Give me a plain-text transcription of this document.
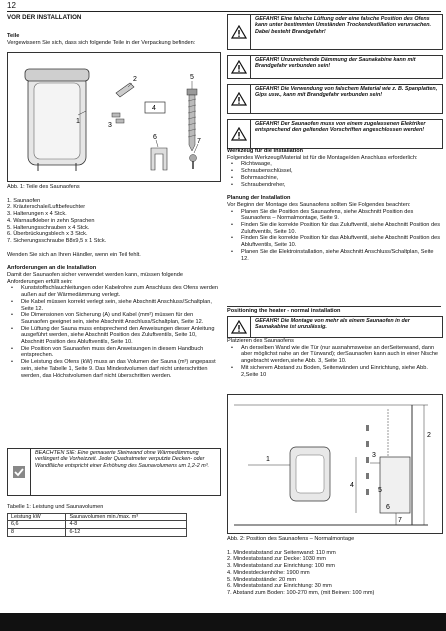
12
VOR DER INSTALLATION

Teile

Vergewissern Sie sich, dass sich folgende Teile in der Verpackung befinden:

1
2
3
4
5
6
7

Abb. 1: Teile des Saunaofens

1. Saunaofen
2. Kräuterschale/Luftbefeuchter
3. Halterungen x 4 Stck.
4. Warnaufkleber in zehn Sprachen
5. Halterungsschrauben x 4 Stck.
6. Überbrückungsblech x 3 Stck.
7. Sicherungsschraube B8x9,5 x 1 Stck.

Wenden Sie sich an Ihren Händler, wenn ein Teil fehlt.

Anforderungen an die Installation

Damit der Saunaofen sicher verwendet werden kann, müssen folgende Anforderungen erfüllt sein:

• Kunststoffschlauchleitungen oder Kabelrohre zum Anschluss des Ofens werden außen auf der Wärmedämmung verlegt.
• Die Kabel müssen korrekt verlegt sein, siehe Abschnitt Anschluss/Schaltplan, Seite 12.
• Die Dimensionen von Sicherung (A) und Kabel (mm²) müssen für den Saunaofen geeignet sein, siehe Abschnitt Anschluss/Schaltplan, Seite 12.
• Die Lüftung der Sauna muss entsprechend den Anweisungen dieser Anleitung ausgeführt werden, siehe Abschnitt Position des Zuluftventils, Seite 10, Abschnitt Position des Abluftventils, Seite 10.
• Die Position von Saunaofen muss den Anweisungen in diesem Handbuch entsprechen.
• Die Leistung des Ofens (kW) muss an das Volumen der Sauna (m³) angepasst sein, siehe Tabelle 1, Seite 9. Das Mindestvolumen darf nicht unterschritten werden, das Höchstvolumen darf nicht überschritten werden.
BEACHTEN SIE: Eine gemauerte Steinwand ohne Wärmedämmung verlängert die Vorheizzeit. Jeder Quadratmeter verputzte Decken- oder Wandfläche entspricht einer Erhöhung des Saunavolumens um 1,2-2 m³.

Tabelle 1: Leistung und Saunavolumen

Leistung kW	Saunavolumen min./max. m³
6,6	4-8
8	6-12
GEFAHR! Eine falsche Lüftung oder eine falsche Position des Ofens kann unter bestimmten Umständen Trockendestillation verursachen. Dabei besteht Brandgefahr!
GEFAHR! Unzureichende Dämmung der Saunakabine kann mit Brandgefahr verbunden sein!
GEFAHR! Die Verwendung von falschem Material wie z. B. Spanplatten, Gips usw., kann mit Brandgefahr verbunden sein!
GEFAHR! Der Saunaofen muss von einem zugelassenen Elektriker entsprechend den geltenden Vorschriften angeschlossen werden!

Werkzeug für die Installation

Folgendes Werkzeug/Material ist für die Montage/den Anschluss erforderlich:

• Richtwaage,
• Schraubenschlüssel,
• Bohrmaschine,
• Schraubendreher,

Planung der Installation

Vor Beginn der Montage des Saunaofens sollten Sie Folgendes beachten:

• Planen Sie die Position des Saunaofens, siehe Abschnitt Position des Saunaofens – Normalmontage, Seite 9.
• Finden Sie die korrekte Position für das Zuluftventil, siehe Abschnitt Position des Zuluftventils, Seite 10.
• Finden Sie die korrekte Position für das Abluftventil, siehe Abschnitt Position des Abluftventils, Seite 10.
• Planen Sie die Elektroinstallation, siehe Abschnitt Anschluss/Schaltplan, Seite 12.

Positioning the heater - normal installation

GEFAHR! Die Montage von mehr als einem Saunaofen in der Saunakabine ist unzulässig.

Platzieren des Saunaofens

• An derselben Wand wie die Tür (nur ausnahmsweise an derSeitenwand, dann aber möglichst nahe an der Türwand); derSaunaofen kann auch in einer Nische angebracht werden,siehe Abb. 3, Seite 10.
• Mit sicherem Abstand zu Boden, Seitenwänden und Einrichtung, siehe Abb. 2,Seite 10
1
2
3
4
5
6
7

Abb. 2: Position des Saunaofens – Normalmontage

1. Mindestabstand zur Seitenwand: 110 mm
2. Mindestabstand zur Decke: 1030 mm
3. Mindestabstand zur Einrichtung: 100 mm
4. Mindestdeckenhöhe: 1900 mm
5. Mindestabstände: 20 mm
6. Mindestabstand zur Einrichtung: 30 mm
7. Abstand zum Boden: 100-270 mm, (mit Beinen: 100 mm)
